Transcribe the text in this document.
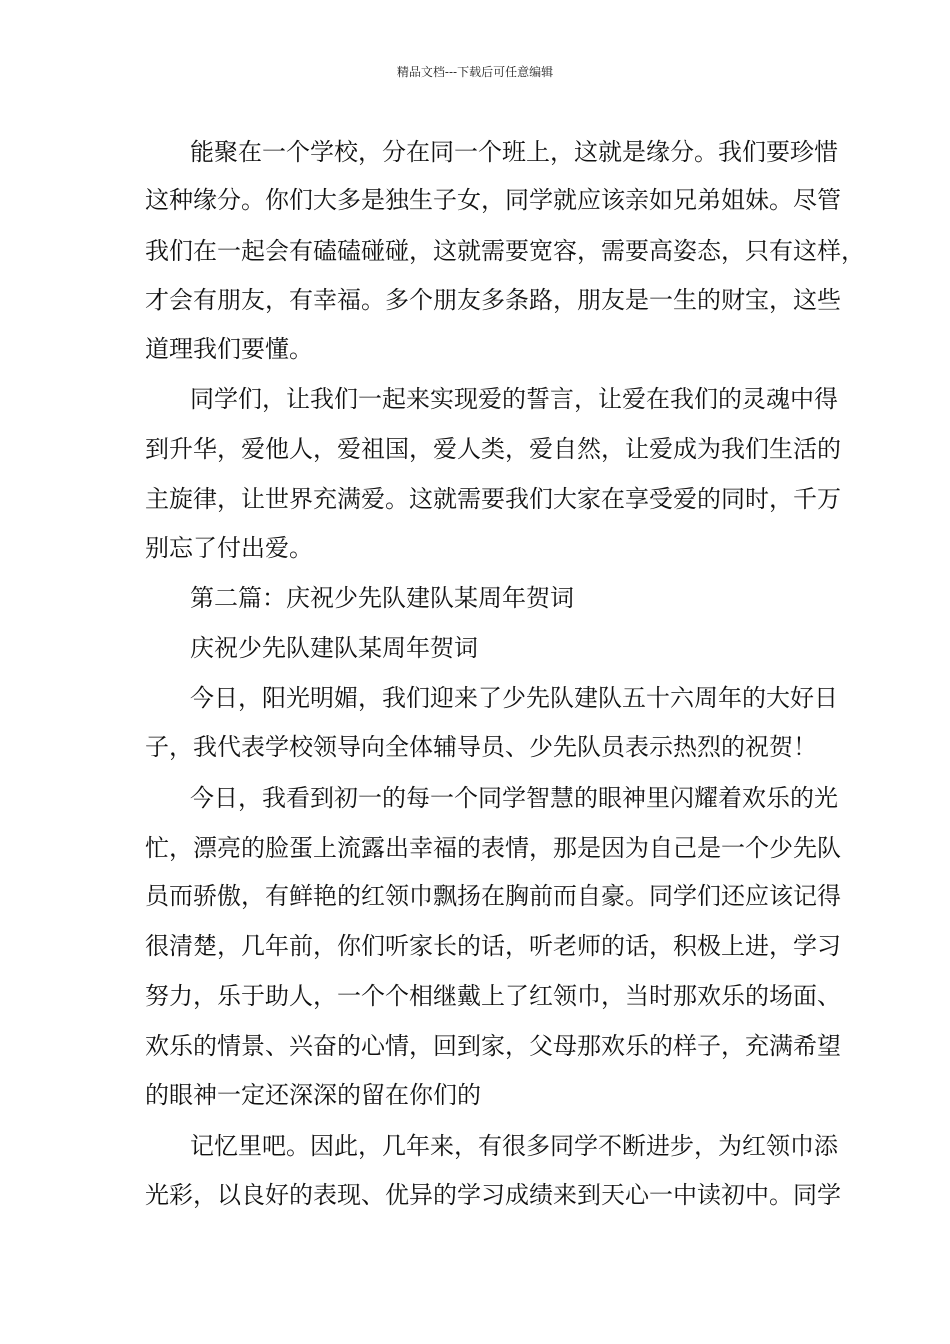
精品文档---下载后可任意编辑
能聚在一个学校，分在同一个班上，这就是缘分。我们要珍惜
这种缘分。你们大多是独生子女，同学就应该亲如兄弟姐妹。尽管
我们在一起会有磕磕碰碰，这就需要宽容，需要高姿态，只有这样，
才会有朋友，有幸福。多个朋友多条路，朋友是一生的财宝，这些
道理我们要懂。
同学们，让我们一起来实现爱的誓言，让爱在我们的灵魂中得
到升华，爱他人，爱祖国，爱人类，爱自然，让爱成为我们生活的
主旋律，让世界充满爱。这就需要我们大家在享受爱的同时，千万
别忘了付出爱。
第二篇：庆祝少先队建队某周年贺词
庆祝少先队建队某周年贺词
今日，阳光明媚，我们迎来了少先队建队五十六周年的大好日
子，我代表学校领导向全体辅导员、少先队员表示热烈的祝贺！
今日，我看到初一的每一个同学智慧的眼神里闪耀着欢乐的光
忙，漂亮的脸蛋上流露出幸福的表情，那是因为自己是一个少先队
员而骄傲，有鲜艳的红领巾飘扬在胸前而自豪。同学们还应该记得
很清楚，几年前，你们听家长的话，听老师的话，积极上进，学习
努力，乐于助人，一个个相继戴上了红领巾，当时那欢乐的场面、
欢乐的情景、兴奋的心情，回到家，父母那欢乐的样子，充满希望
的眼神一定还深深的留在你们的
记忆里吧。因此，几年来，有很多同学不断进步，为红领巾添
光彩，以良好的表现、优异的学习成绩来到天心一中读初中。同学
